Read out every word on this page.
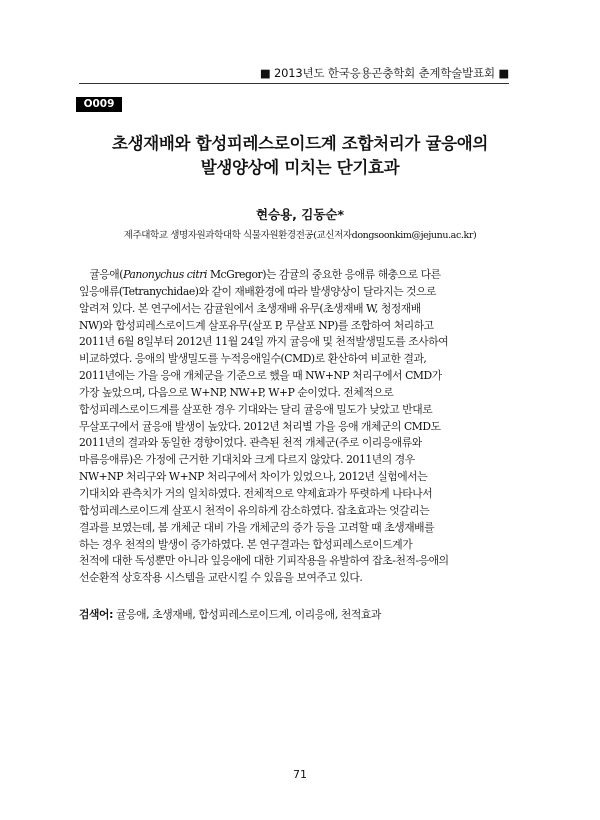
■ 2013년도 한국응용곤충학회 춘계학술발표회 ■
O009
초생재배와 합성피레스로이드계 조합처리가 귤응애의
발생양상에 미치는 단기효과
현승용, 김동순*
제주대학교 생명자원과학대학 식물자원환경전공(교신저자dongsoonkim@jejunu.ac.kr)
　귤응애(Panonychus citri McGregor)는 감귤의 중요한 응애류 해충으로 다른
잎응애류(Tetranychidae)와 같이 재배환경에 따라 발생양상이 달라지는 것으로
알려져 있다. 본 연구에서는 감귤원에서 초생재배 유무(초생재배 W, 청정재배
NW)와 합성피레스로이드계 살포유무(살포 P, 무살포 NP)를 조합하여 처리하고
2011년 6월 8일부터 2012년 11월 24일 까지 귤응애 및 천적발생밀도를 조사하여
비교하였다. 응애의 발생밀도를 누적응애일수(CMD)로 환산하여 비교한 결과,
2011년에는 가을 응애 개체군을 기준으로 했을 때 NW+NP 처리구에서 CMD가
가장 높았으며, 다음으로 W+NP, NW+P, W+P 순이었다. 전체적으로
합성피레스로이드계를 살포한 경우 기대와는 달리 귤응애 밀도가 낮았고 반대로
무살포구에서 귤응애 발생이 높았다. 2012년 처리별 가을 응애 개체군의 CMD도
2011년의 결과와 동일한 경향이었다. 관측된 천적 개체군(주로 이리응애류와
마름응애류)은 가정에 근거한 기대치와 크게 다르지 않았다. 2011년의 경우
NW+NP 처리구와 W+NP 처리구에서 차이가 있었으나, 2012년 실험에서는
기대치와 관측치가 거의 일치하였다. 전체적으로 약제효과가 뚜렷하게 나타나서
합성피레스로이드계 살포시 천적이 유의하게 감소하였다. 잡초효과는 엇갈리는
결과를 보였는데, 봄 개체군 대비 가을 개체군의 증가 등을 고려할 때 초생재배를
하는 경우 천적의 발생이 증가하였다. 본 연구결과는 합성피레스로이드계가
천적에 대한 독성뿐만 아니라 잎응애에 대한 기피작용을 유발하여 잡초-천적-응애의
선순환적 상호작용 시스템을 교란시킬 수 있음을 보여주고 있다.
검색어: 귤응애, 초생재배, 합성피레스로이드계, 이리응애, 천적효과
71
